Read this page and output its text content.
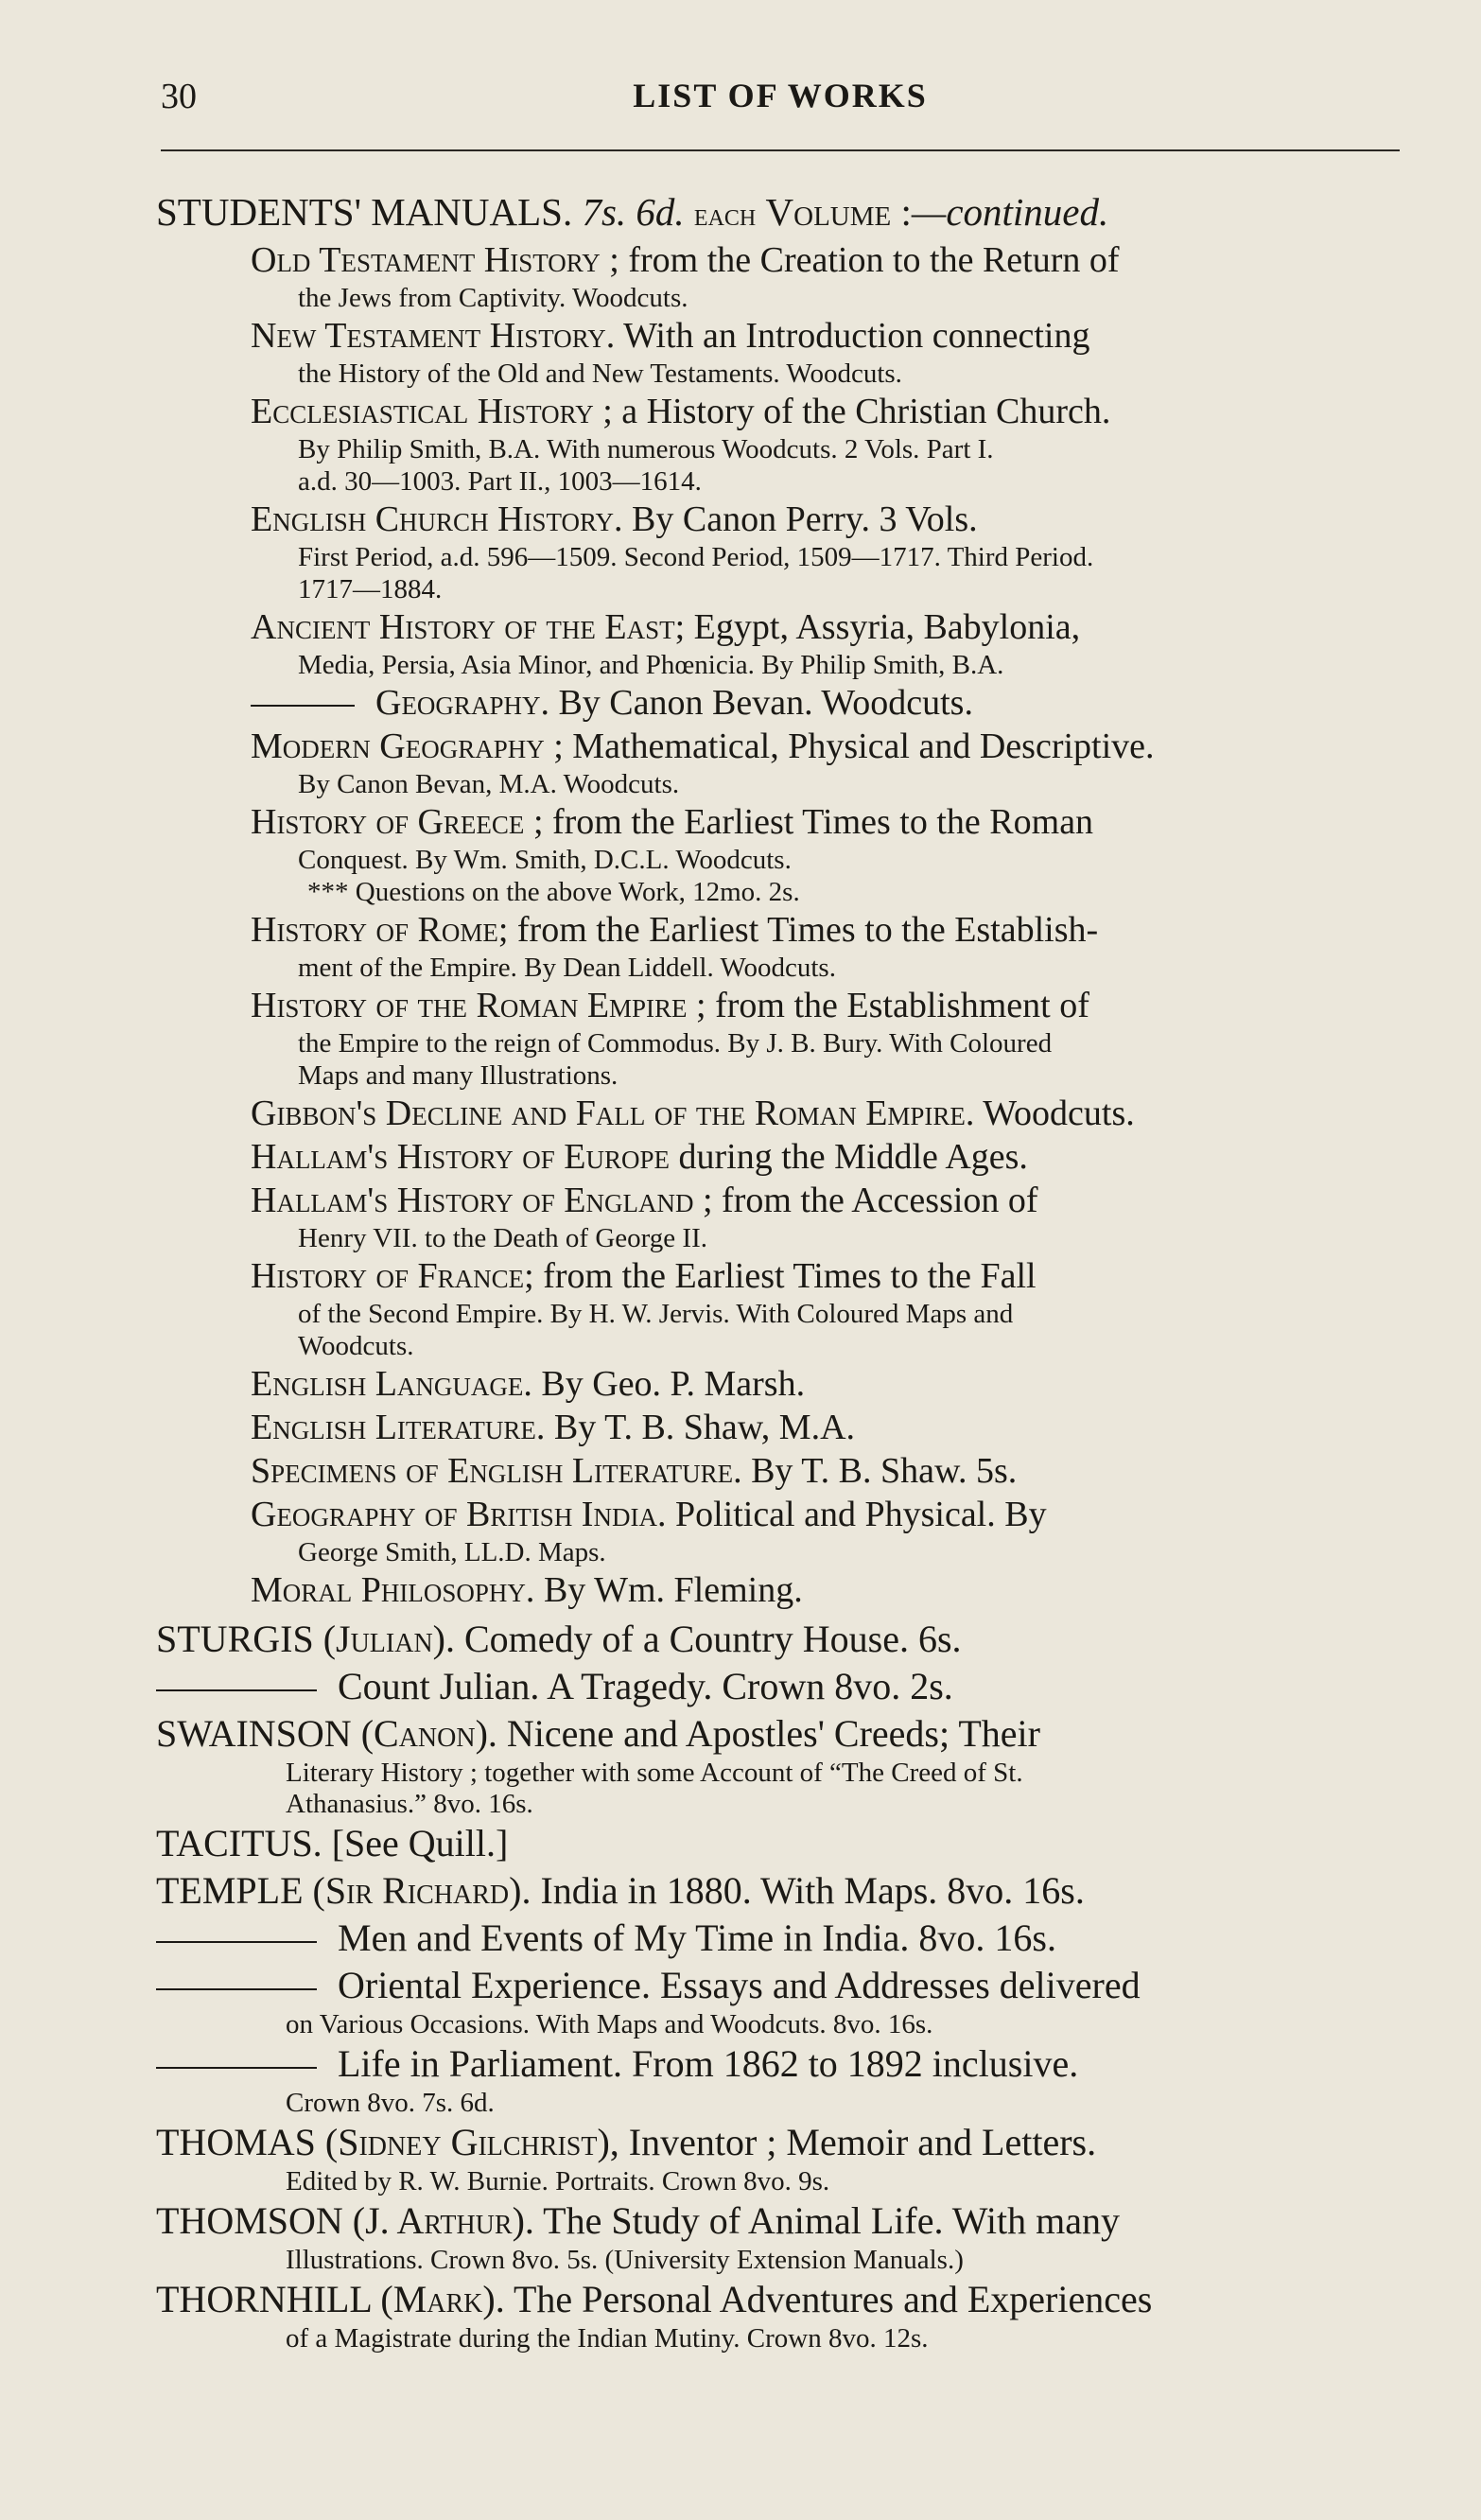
30	LIST OF WORKS
STUDENTS' MANUALS. 7s. 6d. each Volume :—continued.
Old Testament History ; from the Creation to the Return of
the Jews from Captivity. Woodcuts.
New Testament History. With an Introduction connecting
the History of the Old and New Testaments. Woodcuts.
Ecclesiastical History ; a History of the Christian Church.
By Philip Smith, B.A. With numerous Woodcuts. 2 Vols. Part I.
a.d. 30—1003. Part II., 1003—1614.
English Church History. By Canon Perry. 3 Vols.
First Period, a.d. 596—1509. Second Period, 1509—1717. Third Period.
1717—1884.
Ancient History of the East; Egypt, Assyria, Babylonia,
Media, Persia, Asia Minor, and Phœnicia. By Philip Smith, B.A.
Geography. By Canon Bevan. Woodcuts.
Modern Geography ; Mathematical, Physical and Descriptive.
By Canon Bevan, M.A. Woodcuts.
History of Greece ; from the Earliest Times to the Roman
Conquest. By Wm. Smith, D.C.L. Woodcuts.
*** Questions on the above Work, 12mo. 2s.
History of Rome; from the Earliest Times to the Establish-
ment of the Empire. By Dean Liddell. Woodcuts.
History of the Roman Empire ; from the Establishment of
the Empire to the reign of Commodus. By J. B. Bury. With Coloured
Maps and many Illustrations.
Gibbon's Decline and Fall of the Roman Empire. Woodcuts.
Hallam's History of Europe during the Middle Ages.
Hallam's History of England ; from the Accession of
Henry VII. to the Death of George II.
History of France; from the Earliest Times to the Fall
of the Second Empire. By H. W. Jervis. With Coloured Maps and
Woodcuts.
English Language. By Geo. P. Marsh.
English Literature. By T. B. Shaw, M.A.
Specimens of English Literature. By T. B. Shaw. 5s.
Geography of British India. Political and Physical. By
George Smith, LL.D. Maps.
Moral Philosophy. By Wm. Fleming.
STURGIS (Julian). Comedy of a Country House. 6s.
Count Julian. A Tragedy. Crown 8vo. 2s.
SWAINSON (Canon). Nicene and Apostles' Creeds; Their
Literary History ; together with some Account of “The Creed of St.
Athanasius.” 8vo. 16s.
TACITUS. [See Quill.]
TEMPLE (Sir Richard). India in 1880. With Maps. 8vo. 16s.
Men and Events of My Time in India. 8vo. 16s.
Oriental Experience. Essays and Addresses delivered
on Various Occasions. With Maps and Woodcuts. 8vo. 16s.
Life in Parliament. From 1862 to 1892 inclusive.
Crown 8vo. 7s. 6d.
THOMAS (Sidney Gilchrist), Inventor ; Memoir and Letters.
Edited by R. W. Burnie. Portraits. Crown 8vo. 9s.
THOMSON (J. Arthur). The Study of Animal Life. With many
Illustrations. Crown 8vo. 5s. (University Extension Manuals.)
THORNHILL (Mark). The Personal Adventures and Experiences
of a Magistrate during the Indian Mutiny. Crown 8vo. 12s.
